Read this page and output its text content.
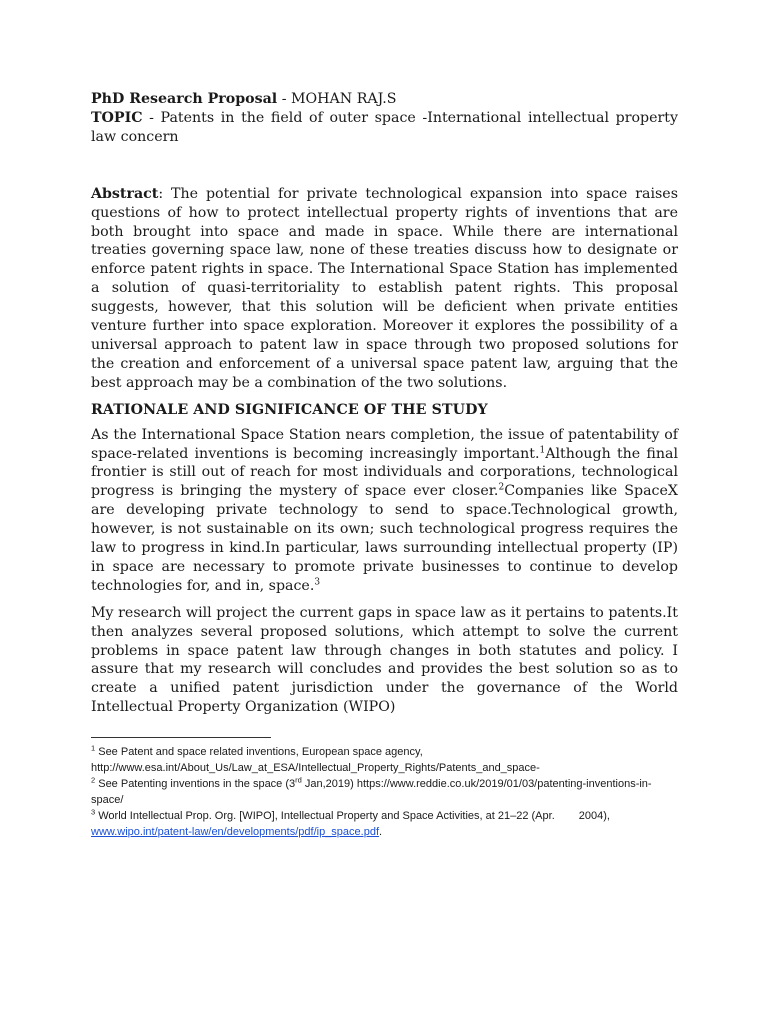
PhD Research Proposal - MOHAN RAJ.S

TOPIC - Patents in the field of outer space -International intellectual property law concern

Abstract: The potential for private technological expansion into space raises questions of how to protect intellectual property rights of inventions that are both brought into space and made in space. While there are international treaties governing space law, none of these treaties discuss how to designate or enforce patent rights in space. The International Space Station has implemented a solution of quasi-territoriality to establish patent rights. This proposal suggests, however, that this solution will be deficient when private entities venture further into space exploration. Moreover it explores the possibility of a universal approach to patent law in space through two proposed solutions for the creation and enforcement of a universal space patent law, arguing that the best approach may be a combination of the two solutions.

RATIONALE AND SIGNIFICANCE OF THE STUDY

As the International Space Station nears completion, the issue of patentability of space-related inventions is becoming increasingly important.$^1$Although the final frontier is still out of reach for most individuals and corporations, technological progress is bringing the mystery of space ever closer.$^2$Companies like SpaceX are developing private technology to send to space.Technological growth, however, is not sustainable on its own; such technological progress requires the law to progress in kind.In particular, laws surrounding intellectual property (IP) in space are necessary to promote private businesses to continue to develop technologies for, and in, space.$^3$

My research will project the current gaps in space law as it pertains to patents.It then analyzes several proposed solutions, which attempt to solve the current problems in space patent law through changes in both statutes and policy. I assure that my research will concludes and provides the best solution so as to create a unified patent jurisdiction under the governance of the World Intellectual Property Organization (WIPO)

$^1$ See Patent and space related inventions, European space agency,
http://www.esa.int/About_Us/Law_at_ESA/Intellectual_Property_Rights/Patents_and_space-
$^2$ See Patenting inventions in the space (3rd Jan,2019) https://www.reddie.co.uk/2019/01/03/patenting-inventions-in-space/
$^3$ World Intellectual Prop. Org. [WIPO], Intellectual Property and Space Activities, at 21–22 (Apr. 2004),
www.wipo.int/patent-law/en/developments/pdf/ip_space.pdf.
